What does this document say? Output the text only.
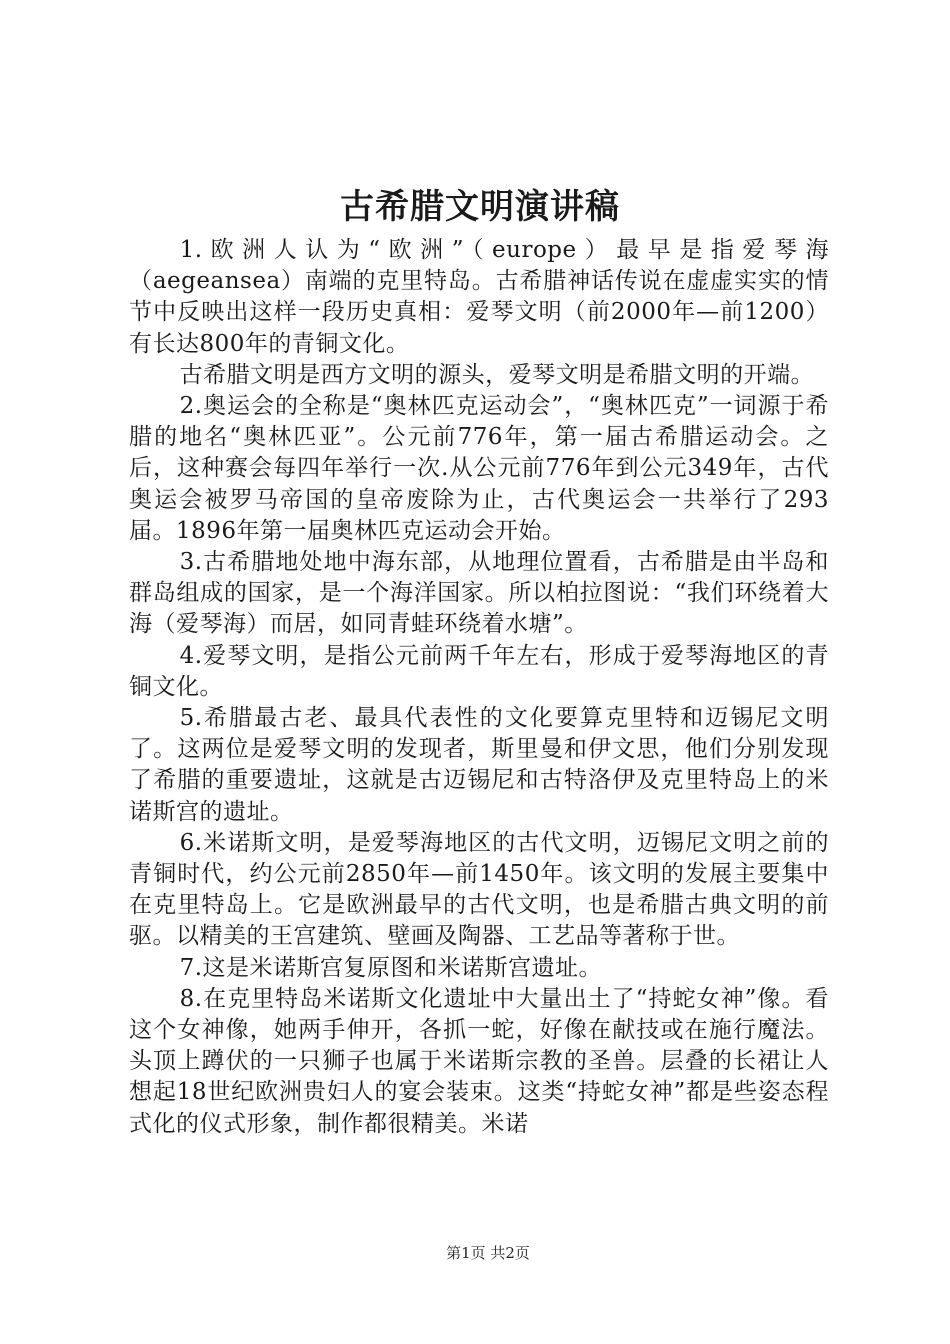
古希腊文明演讲稿

1.欧洲人认为“欧洲”（europe）最早是指爱琴海（aegeansea）南端的克里特岛。古希腊神话传说在虚虚实实的情节中反映出这样一段历史真相：爱琴文明（前2000年—前1200）有长达800年的青铜文化。

古希腊文明是西方文明的源头，爱琴文明是希腊文明的开端。

2.奥运会的全称是“奥林匹克运动会”，“奥林匹克”一词源于希腊的地名“奥林匹亚”。公元前776年，第一届古希腊运动会。之后，这种赛会每四年举行一次.从公元前776年到公元349年，古代奥运会被罗马帝国的皇帝废除为止，古代奥运会一共举行了293届。1896年第一届奥林匹克运动会开始。

3.古希腊地处地中海东部，从地理位置看，古希腊是由半岛和群岛组成的国家，是一个海洋国家。所以柏拉图说：“我们环绕着大海（爱琴海）而居，如同青蛙环绕着水塘”。

4.爱琴文明，是指公元前两千年左右，形成于爱琴海地区的青铜文化。

5.希腊最古老、最具代表性的文化要算克里特和迈锡尼文明了。这两位是爱琴文明的发现者，斯里曼和伊文思，他们分别发现了希腊的重要遗址，这就是古迈锡尼和古特洛伊及克里特岛上的米诺斯宫的遗址。

6.米诺斯文明，是爱琴海地区的古代文明，迈锡尼文明之前的青铜时代，约公元前2850年—前1450年。该文明的发展主要集中在克里特岛上。它是欧洲最早的古代文明，也是希腊古典文明的前驱。以精美的王宫建筑、壁画及陶器、工艺品等著称于世。

7.这是米诺斯宫复原图和米诺斯宫遗址。

8.在克里特岛米诺斯文化遗址中大量出土了“持蛇女神”像。看这个女神像，她两手伸开，各抓一蛇，好像在献技或在施行魔法。头顶上蹲伏的一只狮子也属于米诺斯宗教的圣兽。层叠的长裙让人想起18世纪欧洲贵妇人的宴会装束。这类“持蛇女神”都是些姿态程式化的仪式形象，制作都很精美。米诺

第1页 共2页
